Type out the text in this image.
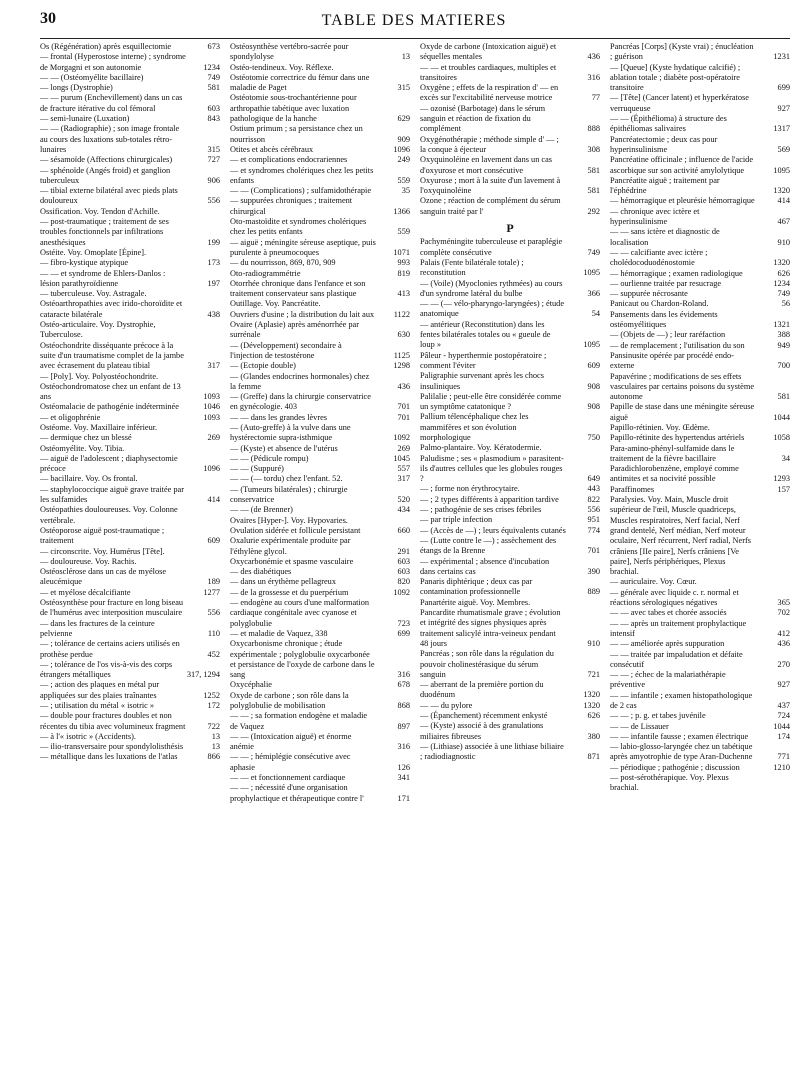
30	TABLE DES MATIERES
Os (Régénération) après esquillectomie	673
— frontal (Hyperostose interne) ; syndrome de Morgagni et son autonomie	1234
— — (Ostéomyélite bacillaire)	749
— longs (Dystrophie)	581
— — purum (Enchevillement) dans un cas de fracture itérative du col fémoral	603
— semi-lunaire (Luxation)	843
— — (Radiographie) ; son image frontale au cours des luxations sub-totales rétro-lunaires	315
— sésamoïde (Affections chirurgicales)	727
— sphénoïde (Angés froid) et ganglion tuberculeux	906
— tibial externe bilatéral avec pieds plats douloureux	556
Ossification. Voy. Tendon d'Achille.
— post-traumatique ; traitement de ses troubles fonctionnels par infiltrations anesthésiques	199
Ostéite. Voy. Omoplate [Épine].
— fibro-kystique atypique	173
— — et syndrome de Ehlers-Danlos : lésion parathyroïdienne	197
— tuberculeuse. Voy. Astragale.
Ostéoarthropathies avec irido-choroïdite et cataracte bilatérale	438
Ostéo-articulaire. Voy. Dystrophie, Tuberculose.
Ostéochondrite disséquante précoce à la suite d'un traumatisme complet de la jambe avec écrasement du plateau tibial	317
— [Poly]. Voy. Polyostéochondrite.
Ostéochondromatose chez un enfant de 13 ans	1093
Ostéomalacie de pathogénie indéterminée	1046
— et oligophrénie	1093
Ostéome. Voy. Maxillaire inférieur.
— dermique chez un blessé	269
Ostéomyélite. Voy. Tibia.
— aiguë de l'adolescent ; diaphysectomie précoce	1096
— bacillaire. Voy. Os frontal.
— staphylococcique aiguë grave traitée par les sulfamides	414
Ostéopathies douloureuses. Voy. Colonne vertébrale.
Ostéoporose aiguë post-traumatique ; traitement	609
— circonscrite. Voy. Humérus [Tête].
— douloureuse. Voy. Rachis.
Ostéosclérose dans un cas de myélose aleucémique	189
— et myélose décalcifiante	1277
Ostéosynthèse pour fracture en long biseau de l'humérus avec interposition musculaire	556
— dans les fractures de la ceinture pelvienne	110
— ; tolérance de certains aciers utilisés en prothèse perdue	452
— ; tolérance de l'os vis-à-vis des corps étrangers métalliques	317, 1294
— ; action des plaques en métal pur appliquées sur des plaies traînantes	1252
— ; utilisation du métal « isotric »	172
— double pour fractures doubles et non récentes du tibia avec volumineux fragment	722
— à l'« isotric » (Accidents).	13
— ilio-transversaire pour spondylolisthésis	13
— métallique dans les luxations de l'atlas	866
Ostéosynthèse vertébro-sacrée pour spondylolyse	13
Ostéo-tendineux. Voy. Réflexe.
Ostéotomie correctrice du fémur dans une maladie de Paget	315
Ostéotomie sous-trochantérienne pour arthropathie tabétique avec luxation pathologique de la hanche	629
Ostium primum ; sa persistance chez un nourrisson	909
Otites et abcès cérébraux	1096
— et complications endocrariennes	249
— et syndromes cholériques chez les petits enfants	559
— — (Complications) ; sulfamidothérapie	35
— suppurées chroniques ; traitement chirurgical	1366
Oto-mastoïdite et syndromes cholériques chez les petits enfants	559
— aiguë ; méningite séreuse aseptique, puis purulente à pneumocoques	1071
— du nourrisson, 869, 870, 909	993
Oto-radiogrammétrie	819
Otorrhée chronique dans l'enfance et son traitement conservateur sans plastique	413
Outillage. Voy. Pancréatite.
Ouvriers d'usine ; la distribution du lait aux	1122
Ovaire (Aplasie) après aménorrhée par surrénale	630
— (Développement) secondaire à l'injection de testostérone	1125
— (Ectopie double)	1298
— (Glandes endocrines hormonales) chez la femme	436
— (Greffe) dans la chirurgie conservatrice en gynécologie. 403	701
— — dans les grandes lèvres	701
— (Auto-greffe) à la vulve dans une hystérectomie supra-isthmique	1092
— (Kyste) et absence de l'utérus	269
— — (Pédicule rompu)	1045
— — (Suppuré)	557
— — (— tordu) chez l'enfant. 52.	317
— (Tumeurs bilatérales) ; chirurgie conservatrice	520
— — (de Brenner)	434
Ovaires [Hyper-]. Voy. Hypovaries.
Ovulation sidérée et follicule persistant	660
Oxalurie expérimentale produite par l'éthylène glycol.	291
Oxycarbonémie et spasme vasculaire	603
— des diabétiques	603
— dans un érythème pellagreux	820
— de la grossesse et du puerpérium	1092
— endogène au cours d'une malformation cardiaque congénitale avec cyanose et polyglobulie	723
— et maladie de Vaquez, 338	699
Oxycarbonisme chronique ; étude expérimentale ; polyglobulie oxycarbonée et persistance de l'oxyde de carbone dans le sang	316
Oxycéphalie	678
Oxyde de carbone ; son rôle dans la polyglobulie de mobilisation	868
— — ; sa formation endogène et maladie de Vaquez	897
— — (Intoxication aiguë) et énorme anémie	316
— — ; hémiplégie consécutive avec aphasie	126
— — et fonctionnement cardiaque	341
— — ; nécessité d'une organisation prophylactique et thérapeutique contre l'	171
Oxyde de carbone (Intoxication aiguë) et séquelles mentales	436
— — et troubles cardiaques, multiples et transitoires	316
Oxygène ; effets de la respiration d' — en excès sur l'excitabilité nerveuse motrice	77
— ozonisé (Barbotage) dans le sérum sanguin et réaction de fixation du complément	888
Oxygénothérapie ; méthode simple d' — ; la conque à éjecteur	308
Oxyquinoléine en lavement dans un cas d'oxyurose et mort consécutive	581
Oxyurose ; mort à la suite d'un lavement à l'oxyquinoléine	581
Ozone ; réaction de complément du sérum sanguin traité par l'	292
P
Pachyméningite tuberculeuse et paraplégie complète consécutive	749
Palais (Fente bilatérale totale) ; reconstitution	1095
— (Voile) (Myoclonies rythmées) au cours d'un syndrome latéral du bulbe	366
— — (— vélo-pharyngo-laryngées) ; étude anatomique	54
— antérieur (Reconstitution) dans les fentes bilatérales totales ou « gueule de loup »	1095
Pâleur - hyperthermie postopératoire ; comment l'éviter	609
Paligraphie survenant après les chocs insuliniques	908
Palilalie ; peut-elle être considérée comme un symptôme catatonique ?	908
Pallium télencéphalique chez les mammifères et son évolution morphologique	750
Palmo-plantaire. Voy. Kératodermie.
Paludisme ; ses « plasmodium » parasitent-ils d'autres cellules que les globules rouges ?	649
— ; forme non érythrocytaire.	443
— ; 2 types différents à apparition tardive	822
— ; pathogénie de ses crises fébriles	556
— par triple infection	951
— (Accès de —) ; leurs équivalents cutanés	774
— (Lutte contre le —) ; assèchement des étangs de la Brenne	701
— expérimental ; absence d'incubation dans certains cas	390
Panaris diphtérique ; deux cas par contamination professionnelle	889
Panartérite aiguë. Voy. Membres.
Pancardite rhumatismale grave ; évolution et intégrité des signes physiques après traitement salicylé intra-veineux pendant 48 jours	910
Pancréas ; son rôle dans la régulation du pouvoir cholinestérasique du sérum sanguin	721
— aberrant de la première portion du duodénum	1320
— — du pylore	1320
— (Épanchement) récemment enkysté	626
— (Kyste) associé à des granulations miliaires fibreuses	380
— (Lithiase) associée à une lithiase biliaire ; radiodiagnostic	871
Pancréas [Corps] (Kyste vrai) ; énucléation ; guérison	1231
— [Queue] (Kyste hydatique calcifié) ; ablation totale ; diabète post-opératoire transitoire	699
— [Tête] (Cancer latent) et hyperkératose verruqueuse	927
— — (Épithélioma) à structure des épithéliomas salivaires	1317
Pancréatectomie ; deux cas pour hyperinsulinisme	569
Pancréatine officinale ; influence de l'acide ascorbique sur son activité amylolytique	1095
Pancréatite aiguë ; traitement par l'éphédrine	1320
— hémorragique et pleurésie hémorragique	414
— chronique avec ictère et hyperinsulinisme	467
— — sans ictère et diagnostic de localisation	910
— — calcifiante avec ictère ; cholédocoduodénostomie	1320
— hémorragique ; examen radiologique	626
— ourlienne traitée par resucrage	1234
— suppurée nécrosante	749
Panicaut ou Chardon-Roland.	56
Pansements dans les évidements ostéomyélitiques	1321
— (Objets de —) ; leur raréfaction	388
— de remplacement ; l'utilisation du son	949
Pansinusite opérée par procédé endo-externe	700
Papavérine ; modifications de ses effets vasculaires par certains poisons du système autonome	581
Papille de stase dans une méningite séreuse aiguë	1044
Papillo-rétinien. Voy. Œdème.
Papillo-rétinite des hypertendus artériels	1058
Para-amino-phényl-sulfamide dans le traitement de la fièvre bacillaire	34
Paradichlorobenzène, employé comme antimites et sa nocivité possible	1293
Paraffinomes	157
Paralysies. Voy. Main, Muscle droit supérieur de l'œil, Muscle quadriceps, Muscles respiratoires, Nerf facial, Nerf grand dentelé, Nerf médian, Nerf moteur oculaire, Nerf récurrent, Nerf radial, Nerfs crâniens [IIe paire], Nerfs crâniens [Ve paire], Nerfs périphériques, Plexus brachial.
— auriculaire. Voy. Cœur.
— générale avec liquide c. r. normal et réactions sérologiques négatives	365
— — avec tabes et chorée associés	702
— — après un traitement prophylactique intensif	412
— — améliorée après suppuration	436
— — traitée par impaludation et défaite consécutif	270
— — ; échec de la malariathérapie préventive	927
— — infantile ; examen histopathologique de 2 cas	437
— — ; p. g. et tabes juvénile	724
— — de Lissauer	1044
— — infantile fausse ; examen électrique	174
— labio-glosso-laryngée chez un tabétique après amyotrophie de type Aran-Duchenne	771
— périodique ; pathogénie ; discussion	1210
— post-sérothérapique. Voy. Plexus brachial.
